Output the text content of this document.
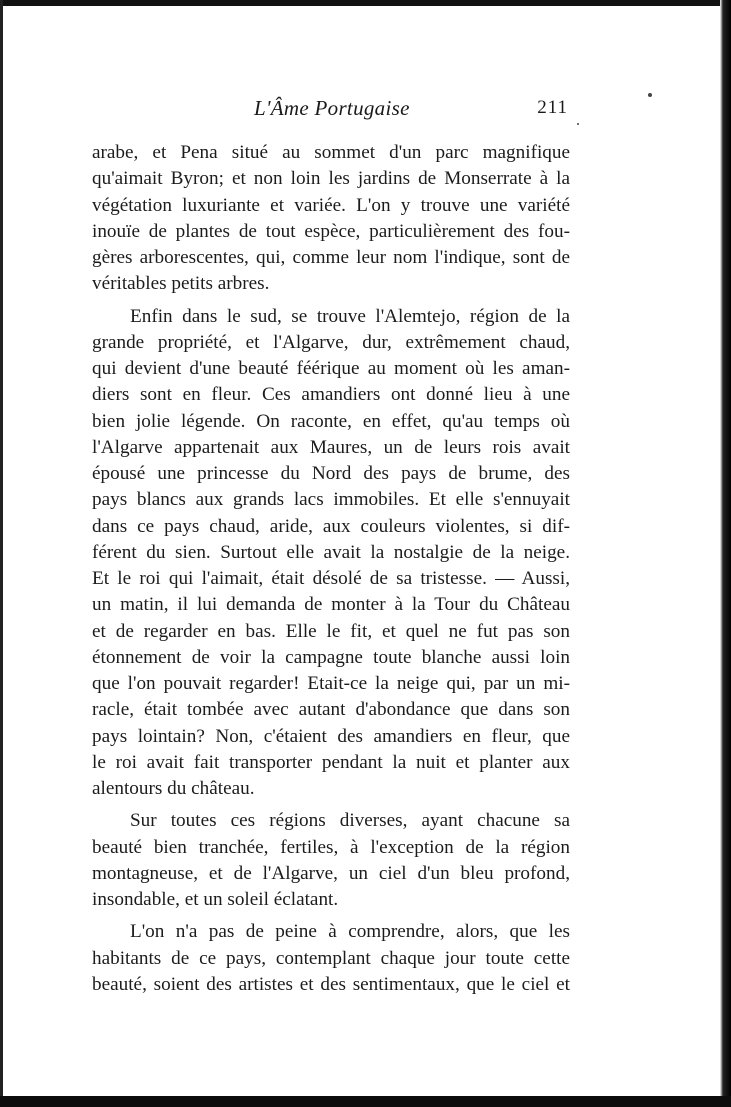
L'Âme Portugaise	211

arabe, et Pena situé au sommet d'un parc magnifique
qu'aimait Byron; et non loin les jardins de Monserrate à la
végétation luxuriante et variée. L'on y trouve une variété
inouïe de plantes de tout espèce, particulièrement des fou-
gères arborescentes, qui, comme leur nom l'indique, sont de
véritables petits arbres.

Enfin dans le sud, se trouve l'Alemtejo, région de la
grande propriété, et l'Algarve, dur, extrêmement chaud,
qui devient d'une beauté féérique au moment où les aman-
diers sont en fleur. Ces amandiers ont donné lieu à une
bien jolie légende. On raconte, en effet, qu'au temps où
l'Algarve appartenait aux Maures, un de leurs rois avait
épousé une princesse du Nord des pays de brume, des
pays blancs aux grands lacs immobiles. Et elle s'ennuyait
dans ce pays chaud, aride, aux couleurs violentes, si dif-
férent du sien. Surtout elle avait la nostalgie de la neige.
Et le roi qui l'aimait, était désolé de sa tristesse. — Aussi,
un matin, il lui demanda de monter à la Tour du Château
et de regarder en bas. Elle le fit, et quel ne fut pas son
étonnement de voir la campagne toute blanche aussi loin
que l'on pouvait regarder! Etait-ce la neige qui, par un mi-
racle, était tombée avec autant d'abondance que dans son
pays lointain? Non, c'étaient des amandiers en fleur, que
le roi avait fait transporter pendant la nuit et planter aux
alentours du château.

Sur toutes ces régions diverses, ayant chacune sa
beauté bien tranchée, fertiles, à l'exception de la région
montagneuse, et de l'Algarve, un ciel d'un bleu profond,
insondable, et un soleil éclatant.

L'on n'a pas de peine à comprendre, alors, que les
habitants de ce pays, contemplant chaque jour toute cette
beauté, soient des artistes et des sentimentaux, que le ciel et
